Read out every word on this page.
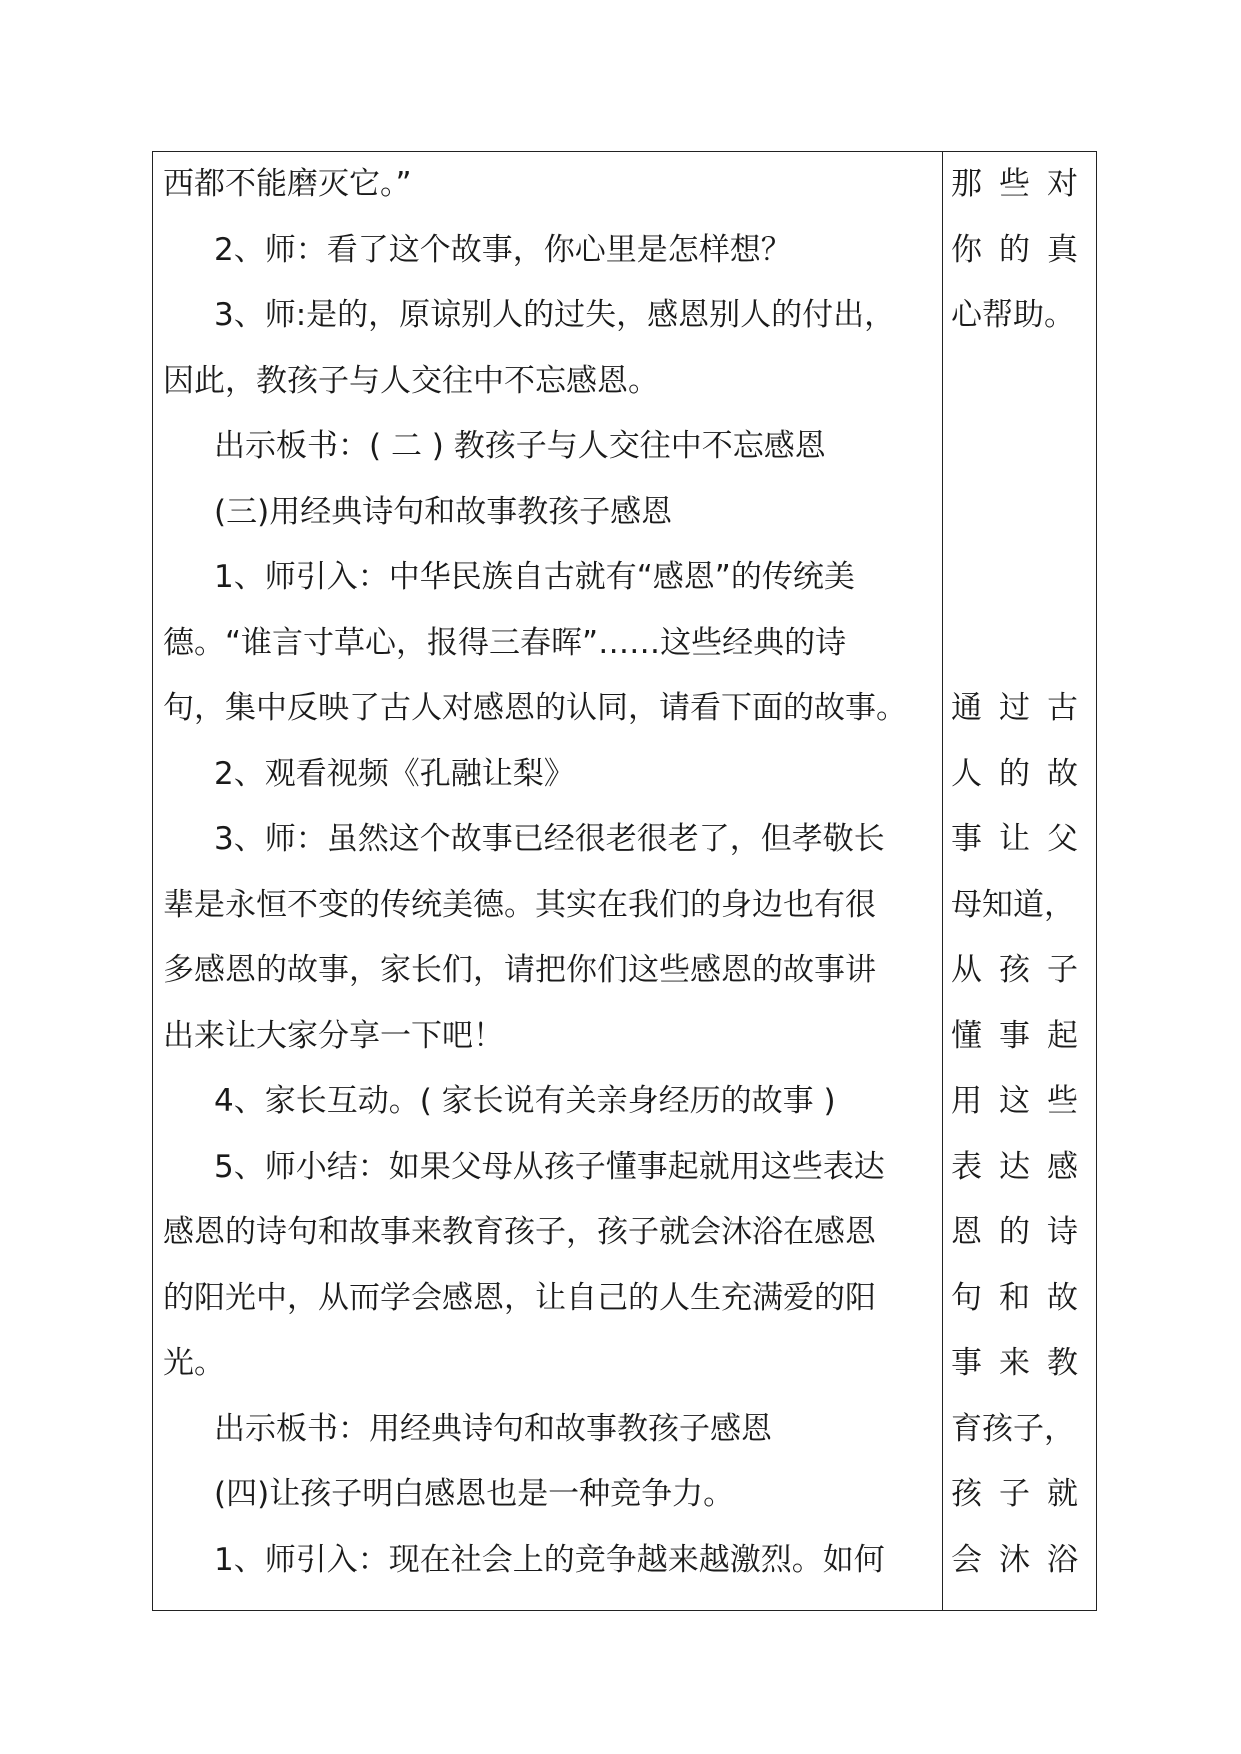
西都不能磨灭它。”
2、师：看了这个故事，你心里是怎样想？
3、师:是的，原谅别人的过失，感恩别人的付出，
因此，教孩子与人交往中不忘感恩。
出示板书：( 二 ) 教孩子与人交往中不忘感恩
(三)用经典诗句和故事教孩子感恩
1、师引入：中华民族自古就有“感恩”的传统美
德。“谁言寸草心，报得三春晖”……这些经典的诗
句，集中反映了古人对感恩的认同，请看下面的故事。
2、观看视频《孔融让梨》
3、师：虽然这个故事已经很老很老了，但孝敬长
辈是永恒不变的传统美德。其实在我们的身边也有很
多感恩的故事，家长们，请把你们这些感恩的故事讲
出来让大家分享一下吧！
4、家长互动。( 家长说有关亲身经历的故事 )
5、师小结：如果父母从孩子懂事起就用这些表达
感恩的诗句和故事来教育孩子，孩子就会沐浴在感恩
的阳光中，从而学会感恩，让自己的人生充满爱的阳
光。
出示板书：用经典诗句和故事教孩子感恩
(四)让孩子明白感恩也是一种竞争力。
1、师引入：现在社会上的竞争越来越激烈。如何
那些对
你的真
心帮助。
通过古
人的故
事让父
母知道，
从孩子
懂事起
用这些
表达感
恩的诗
句和故
事来教
育孩子，
孩子就
会沐浴
